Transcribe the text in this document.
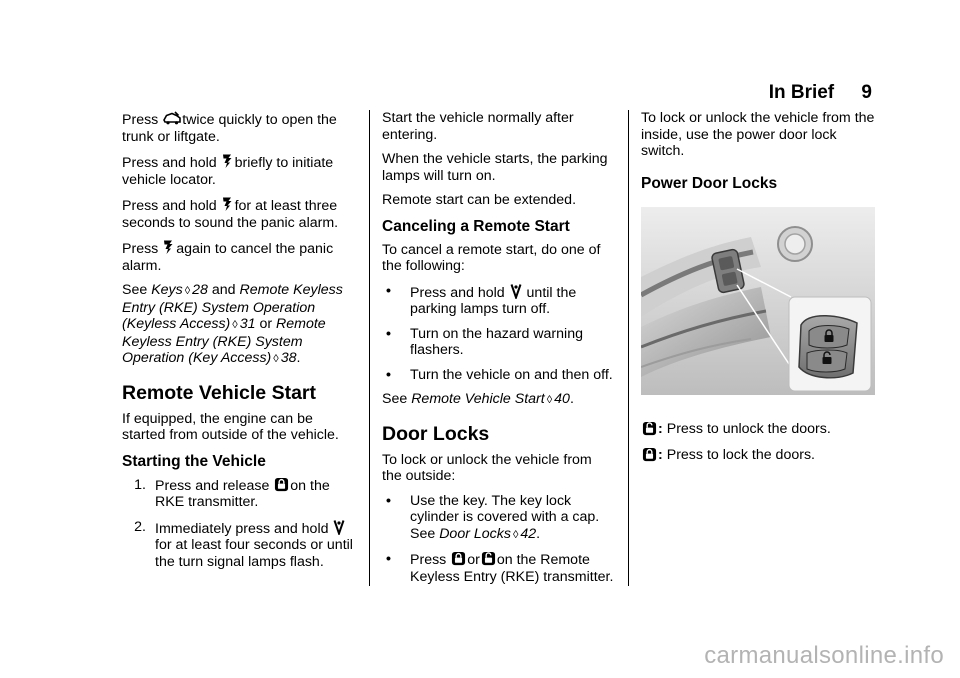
In Brief 9

Press twice quickly to open the trunk or liftgate.

Press and hold briefly to initiate vehicle locator.

Press and hold for at least three seconds to sound the panic alarm.

Press again to cancel the panic alarm.

See Keys ◊ 28 and Remote Keyless Entry (RKE) System Operation (Keyless Access) ◊ 31 or Remote Keyless Entry (RKE) System Operation (Key Access) ◊ 38.

Remote Vehicle Start

If equipped, the engine can be started from outside of the vehicle.

Starting the Vehicle
1. Press and release on the RKE transmitter.
2. Immediately press and hold  for at least four seconds or until the turn signal lamps flash.

Start the vehicle normally after entering.

When the vehicle starts, the parking lamps will turn on.

Remote start can be extended.

Canceling a Remote Start

To cancel a remote start, do one of the following:

•	Press and hold  until the parking lamps turn off.
•	Turn on the hazard warning flashers.
•	Turn the vehicle on and then off.

See Remote Vehicle Start ◊ 40.

Door Locks

To lock or unlock the vehicle from the outside:

•	Use the key. The key lock cylinder is covered with a cap. See Door Locks ◊ 42.
•	Press or on the Remote Keyless Entry (RKE) transmitter.

To lock or unlock the vehicle from the inside, use the power door lock switch.

Power Door Locks

: Press to unlock the doors.

: Press to lock the doors.

carmanualsonline.info
